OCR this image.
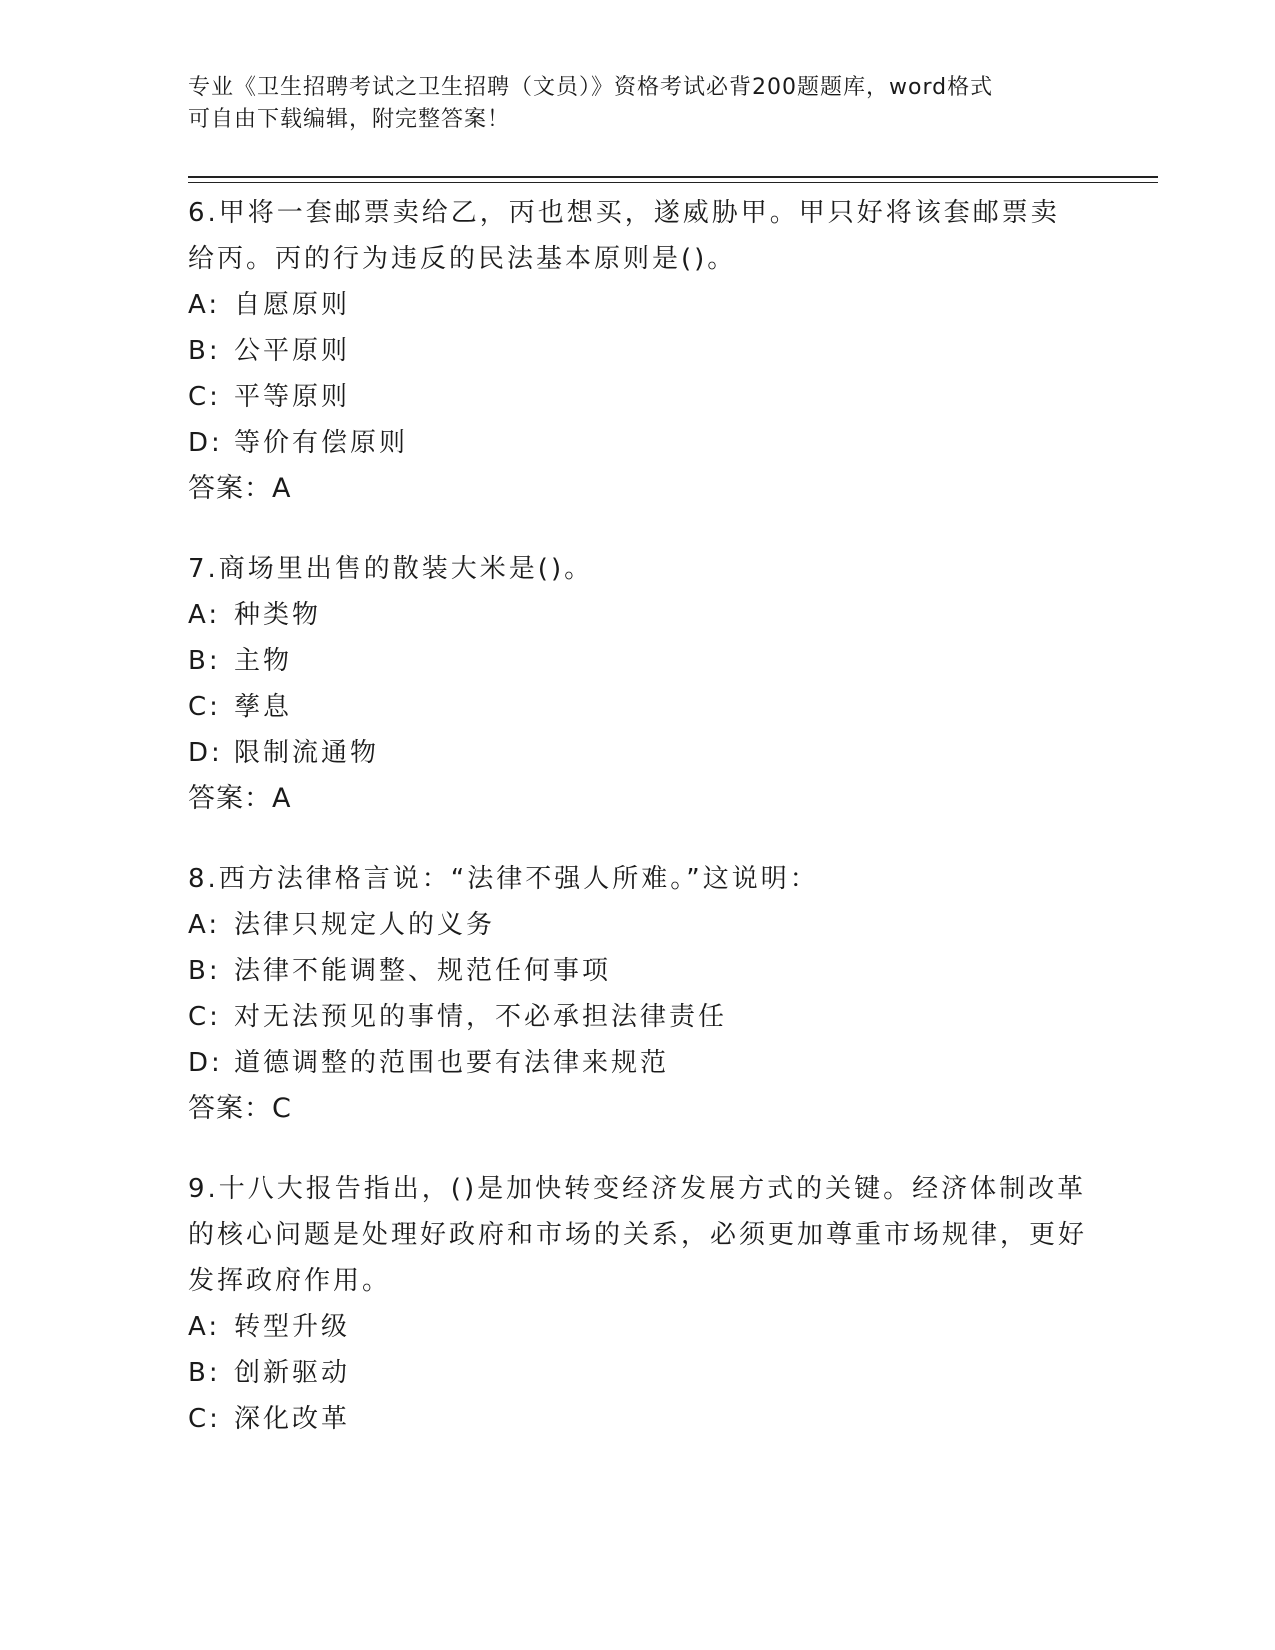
专业《卫生招聘考试之卫生招聘（文员）》资格考试必背200题题库，word格式
可自由下载编辑，附完整答案！
6.甲将一套邮票卖给乙，丙也想买，遂威胁甲。甲只好将该套邮票卖给丙。丙的行为违反的民法基本原则是()。
A: 自愿原则
B: 公平原则
C: 平等原则
D: 等价有偿原则
答案：A
7.商场里出售的散装大米是()。
A: 种类物
B: 主物
C: 孳息
D: 限制流通物
答案：A
8.西方法律格言说：“法律不强人所难。”这说明：
A: 法律只规定人的义务
B: 法律不能调整、规范任何事项
C: 对无法预见的事情，不必承担法律责任
D: 道德调整的范围也要有法律来规范
答案：C
9.十八大报告指出，()是加快转变经济发展方式的关键。经济体制改革的核心问题是处理好政府和市场的关系，必须更加尊重市场规律，更好发挥政府作用。
A: 转型升级
B: 创新驱动
C: 深化改革
